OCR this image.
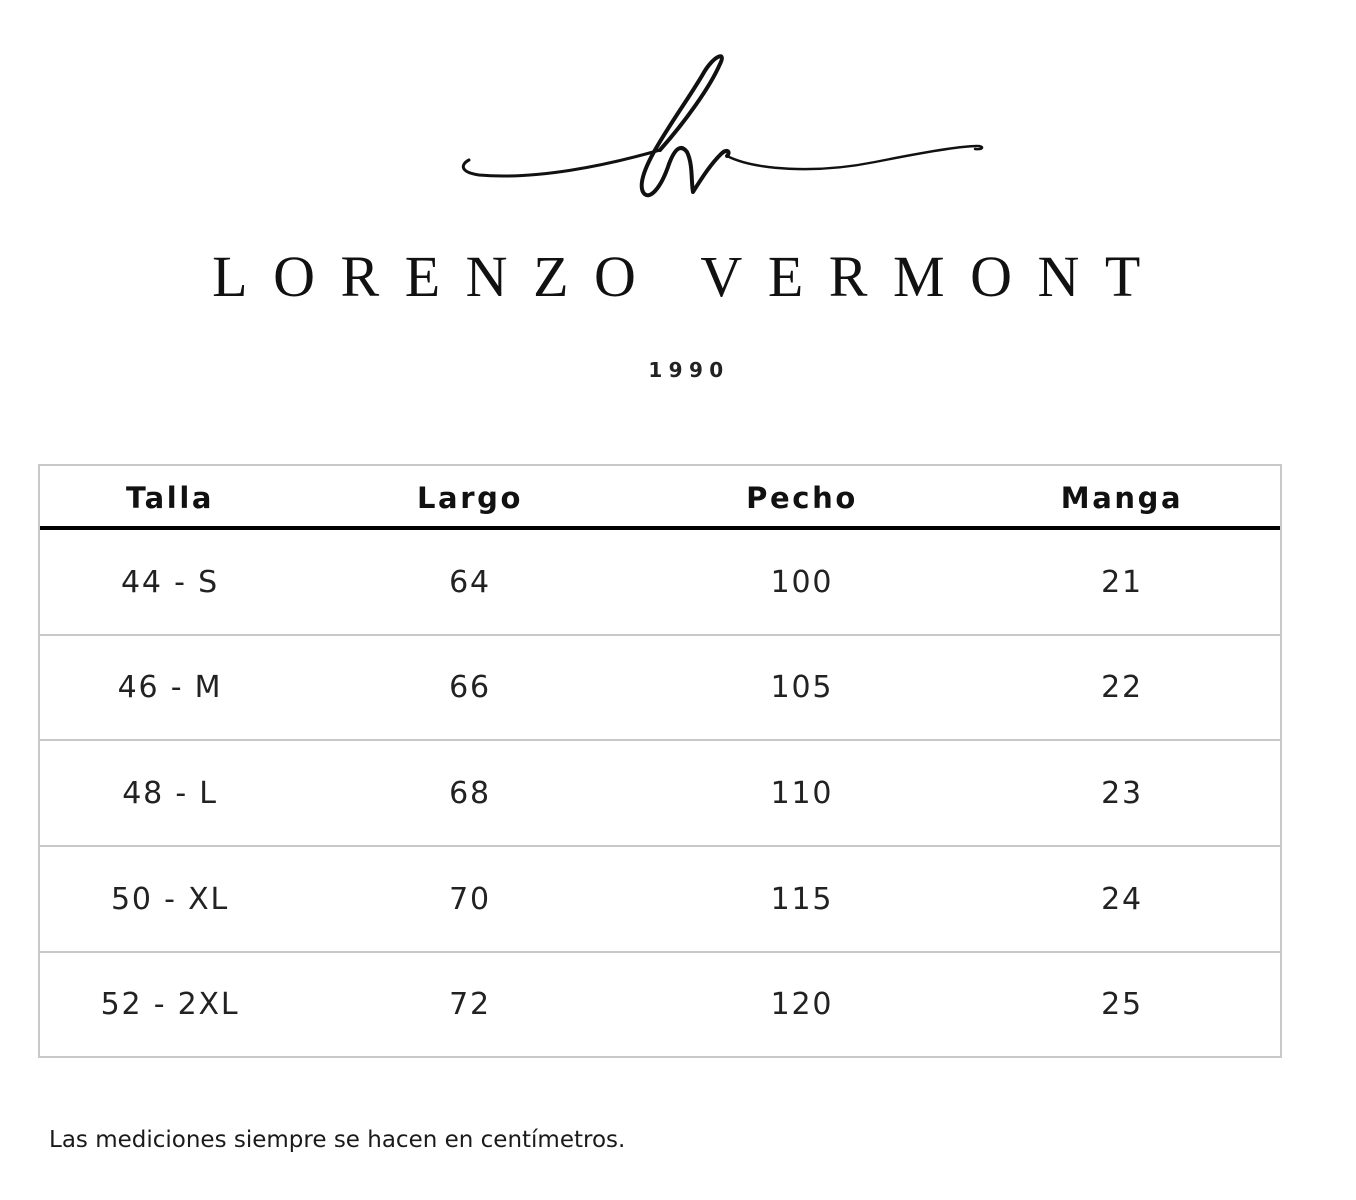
LORENZO VERMONT
1990
Talla	Largo	Pecho	Manga
44 - S	64	100	21
46 - M	66	105	22
48 - L	68	110	23
50 - XL	70	115	24
52 - 2XL	72	120	25
Las mediciones siempre se hacen en centímetros.
